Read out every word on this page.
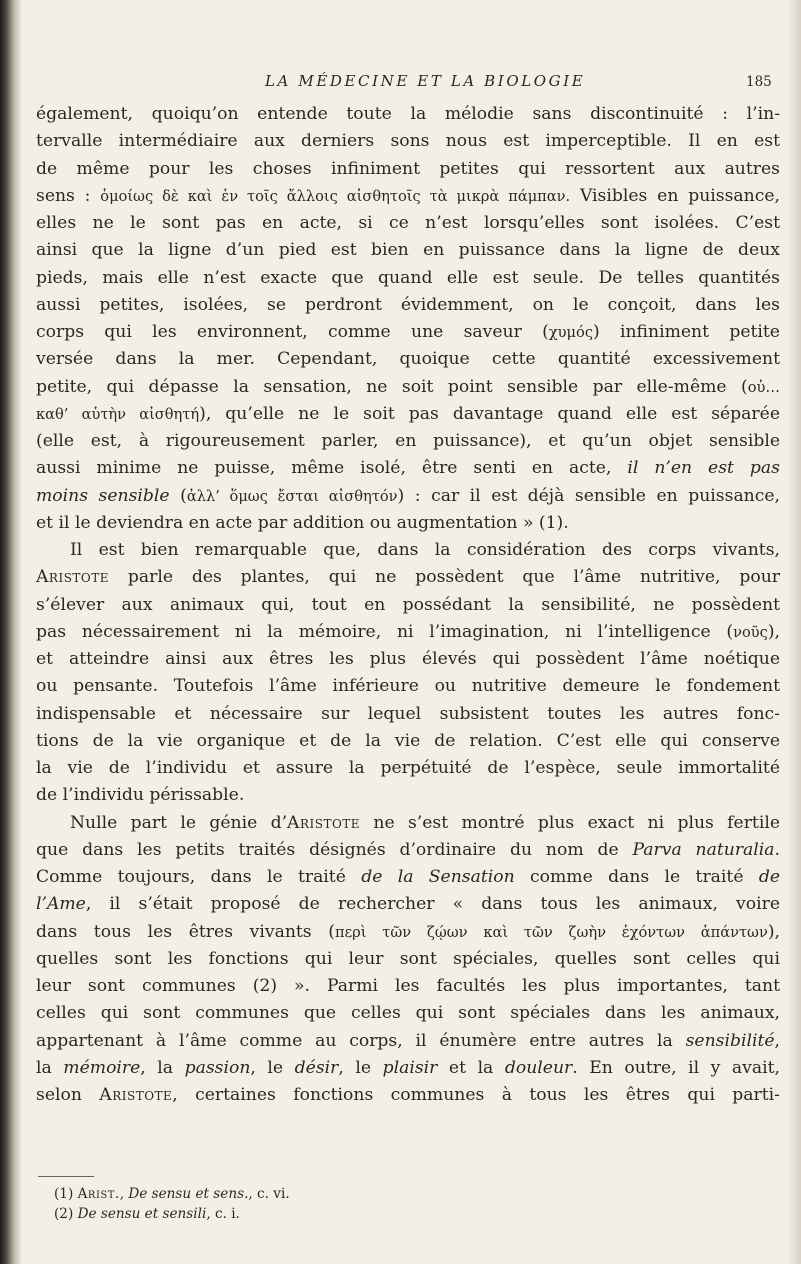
LA MÉDECINE ET LA BIOLOGIE	185
également, quoiqu’on entende toute la mélodie sans discontinuité : l’in-
tervalle intermédiaire aux derniers sons nous est imperceptible. Il en est
de même pour les choses infiniment petites qui ressortent aux autres
sens : ὁμοίως δὲ καὶ ἐν τοῖς ἄλλοις αἰσθητοῖς τὰ μικρὰ πάμπαν. Visibles en puissance,
elles ne le sont pas en acte, si ce n’est lorsqu’elles sont isolées. C’est
ainsi que la ligne d’un pied est bien en puissance dans la ligne de deux
pieds, mais elle n’est exacte que quand elle est seule. De telles quantités
aussi petites, isolées, se perdront évidemment, on le conçoit, dans les
corps qui les environnent, comme une saveur (χυμός) infiniment petite
versée dans la mer. Cependant, quoique cette quantité excessivement
petite, qui dépasse la sensation, ne soit point sensible par elle-même (οὐ…
καθ’ αὑτὴν αἰσθητή), qu’elle ne le soit pas davantage quand elle est séparée
(elle est, à rigoureusement parler, en puissance), et qu’un objet sensible
aussi minime ne puisse, même isolé, être senti en acte, il n’en est pas
moins sensible (ἀλλ’ ὅμως ἔσται αἰσθητόν) : car il est déjà sensible en puissance,
et il le deviendra en acte par addition ou augmentation » (1).
Il est bien remarquable que, dans la considération des corps vivants,
Aristote parle des plantes, qui ne possèdent que l’âme nutritive, pour
s’élever aux animaux qui, tout en possédant la sensibilité, ne possèdent
pas nécessairement ni la mémoire, ni l’imagination, ni l’intelligence (νοῦς),
et atteindre ainsi aux êtres les plus élevés qui possèdent l’âme noétique
ou pensante. Toutefois l’âme inférieure ou nutritive demeure le fondement
indispensable et nécessaire sur lequel subsistent toutes les autres fonc-
tions de la vie organique et de la vie de relation. C’est elle qui conserve
la vie de l’individu et assure la perpétuité de l’espèce, seule immortalité
de l’individu périssable.
Nulle part le génie d’Aristote ne s’est montré plus exact ni plus fertile
que dans les petits traités désignés d’ordinaire du nom de Parva naturalia.
Comme toujours, dans le traité de la Sensation comme dans le traité de
l’Ame, il s’était proposé de rechercher « dans tous les animaux, voire
dans tous les êtres vivants (περὶ τῶν ζῴων καὶ τῶν ζωὴν ἐχόντων ἁπάντων),
quelles sont les fonctions qui leur sont spéciales, quelles sont celles qui
leur sont communes (2) ». Parmi les facultés les plus importantes, tant
celles qui sont communes que celles qui sont spéciales dans les animaux,
appartenant à l’âme comme au corps, il énumère entre autres la sensibilité,
la mémoire, la passion, le désir, le plaisir et la douleur. En outre, il y avait,
selon Aristote, certaines fonctions communes à tous les êtres qui parti-
(1) Arist., De sensu et sens., c. vi.
(2) De sensu et sensili, c. i.
